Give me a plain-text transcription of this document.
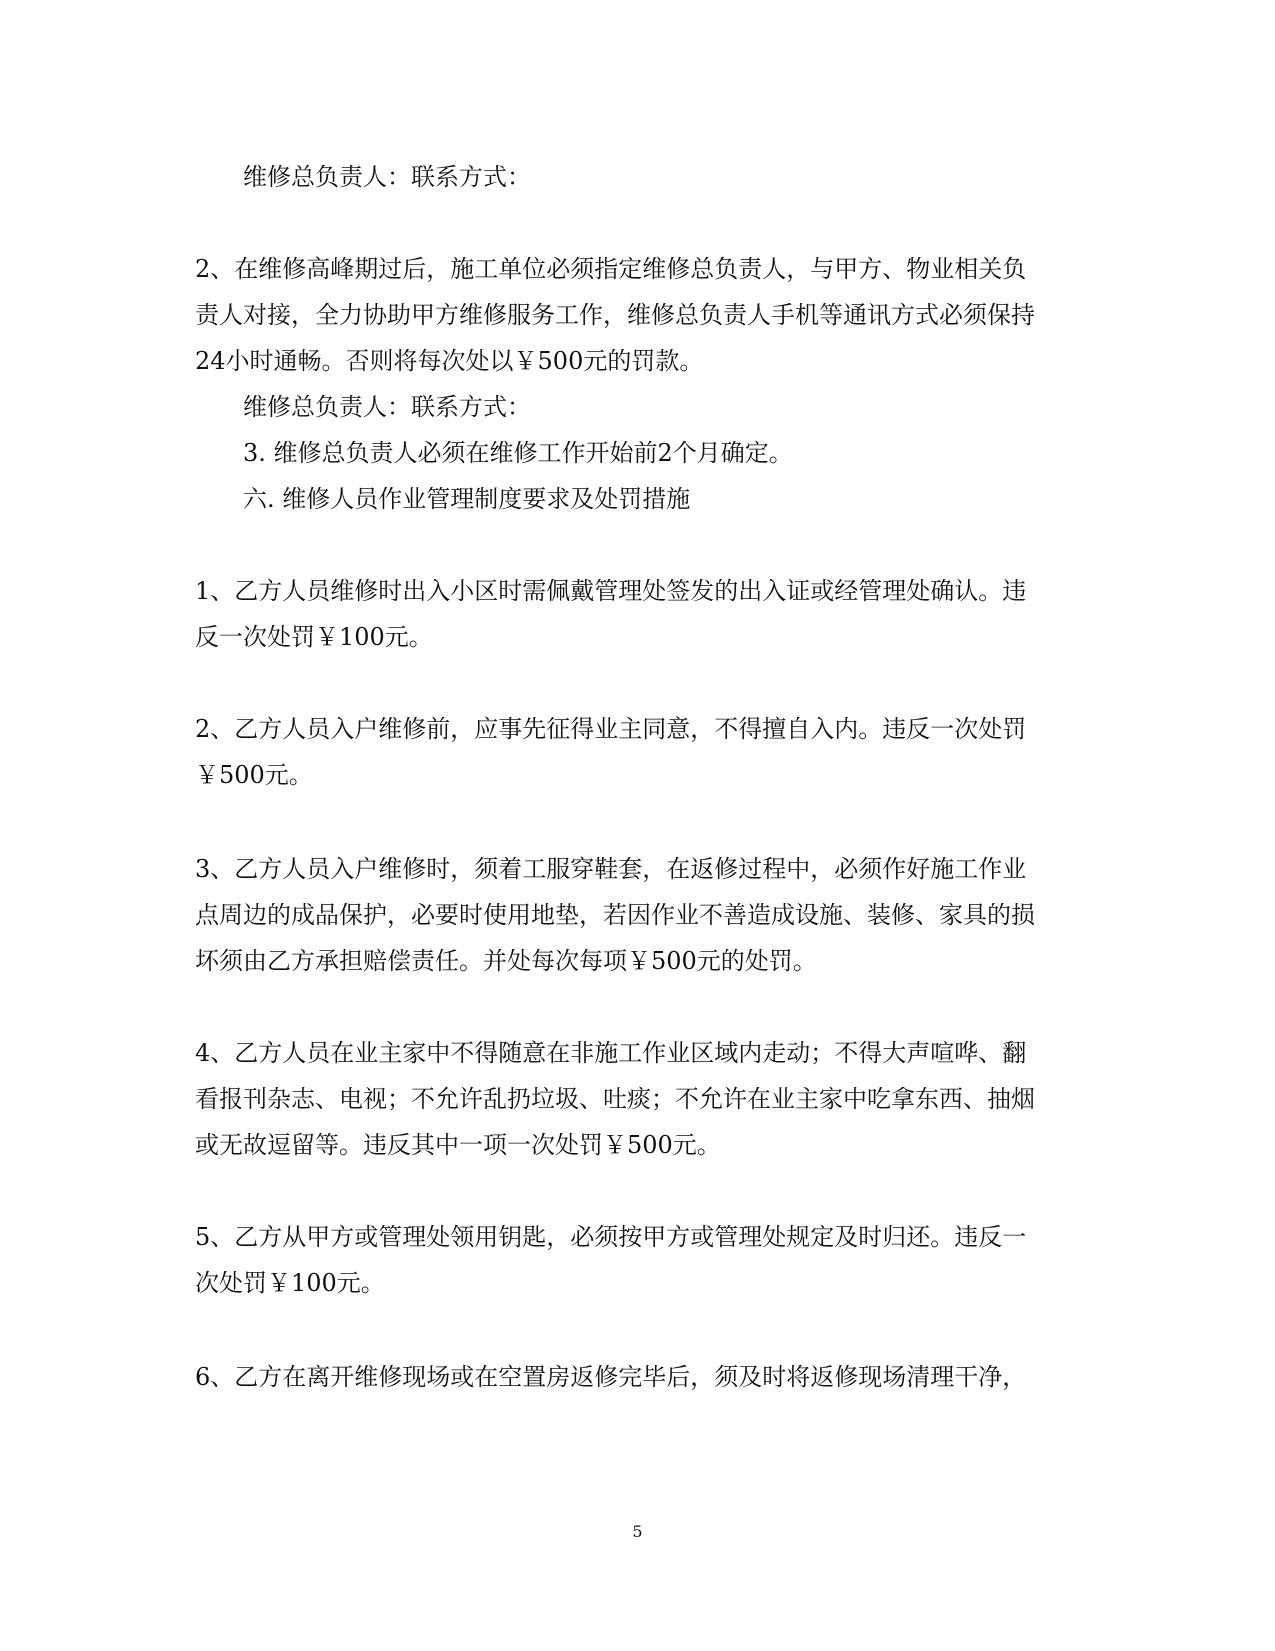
维修总负责人：联系方式：
2、在维修高峰期过后，施工单位必须指定维修总负责人，与甲方、物业相关负
责人对接，全力协助甲方维修服务工作，维修总负责人手机等通讯方式必须保持
24小时通畅。否则将每次处以￥500元的罚款。
维修总负责人：联系方式：
3. 维修总负责人必须在维修工作开始前2个月确定。
六. 维修人员作业管理制度要求及处罚措施
1、乙方人员维修时出入小区时需佩戴管理处签发的出入证或经管理处确认。违
反一次处罚￥100元。
2、乙方人员入户维修前，应事先征得业主同意，不得擅自入内。违反一次处罚
￥500元。
3、乙方人员入户维修时，须着工服穿鞋套，在返修过程中，必须作好施工作业
点周边的成品保护，必要时使用地垫，若因作业不善造成设施、装修、家具的损
坏须由乙方承担赔偿责任。并处每次每项￥500元的处罚。
4、乙方人员在业主家中不得随意在非施工作业区域内走动；不得大声喧哗、翻
看报刊杂志、电视；不允许乱扔垃圾、吐痰；不允许在业主家中吃拿东西、抽烟
或无故逗留等。违反其中一项一次处罚￥500元。
5、乙方从甲方或管理处领用钥匙，必须按甲方或管理处规定及时归还。违反一
次处罚￥100元。
6、乙方在离开维修现场或在空置房返修完毕后，须及时将返修现场清理干净，
5
